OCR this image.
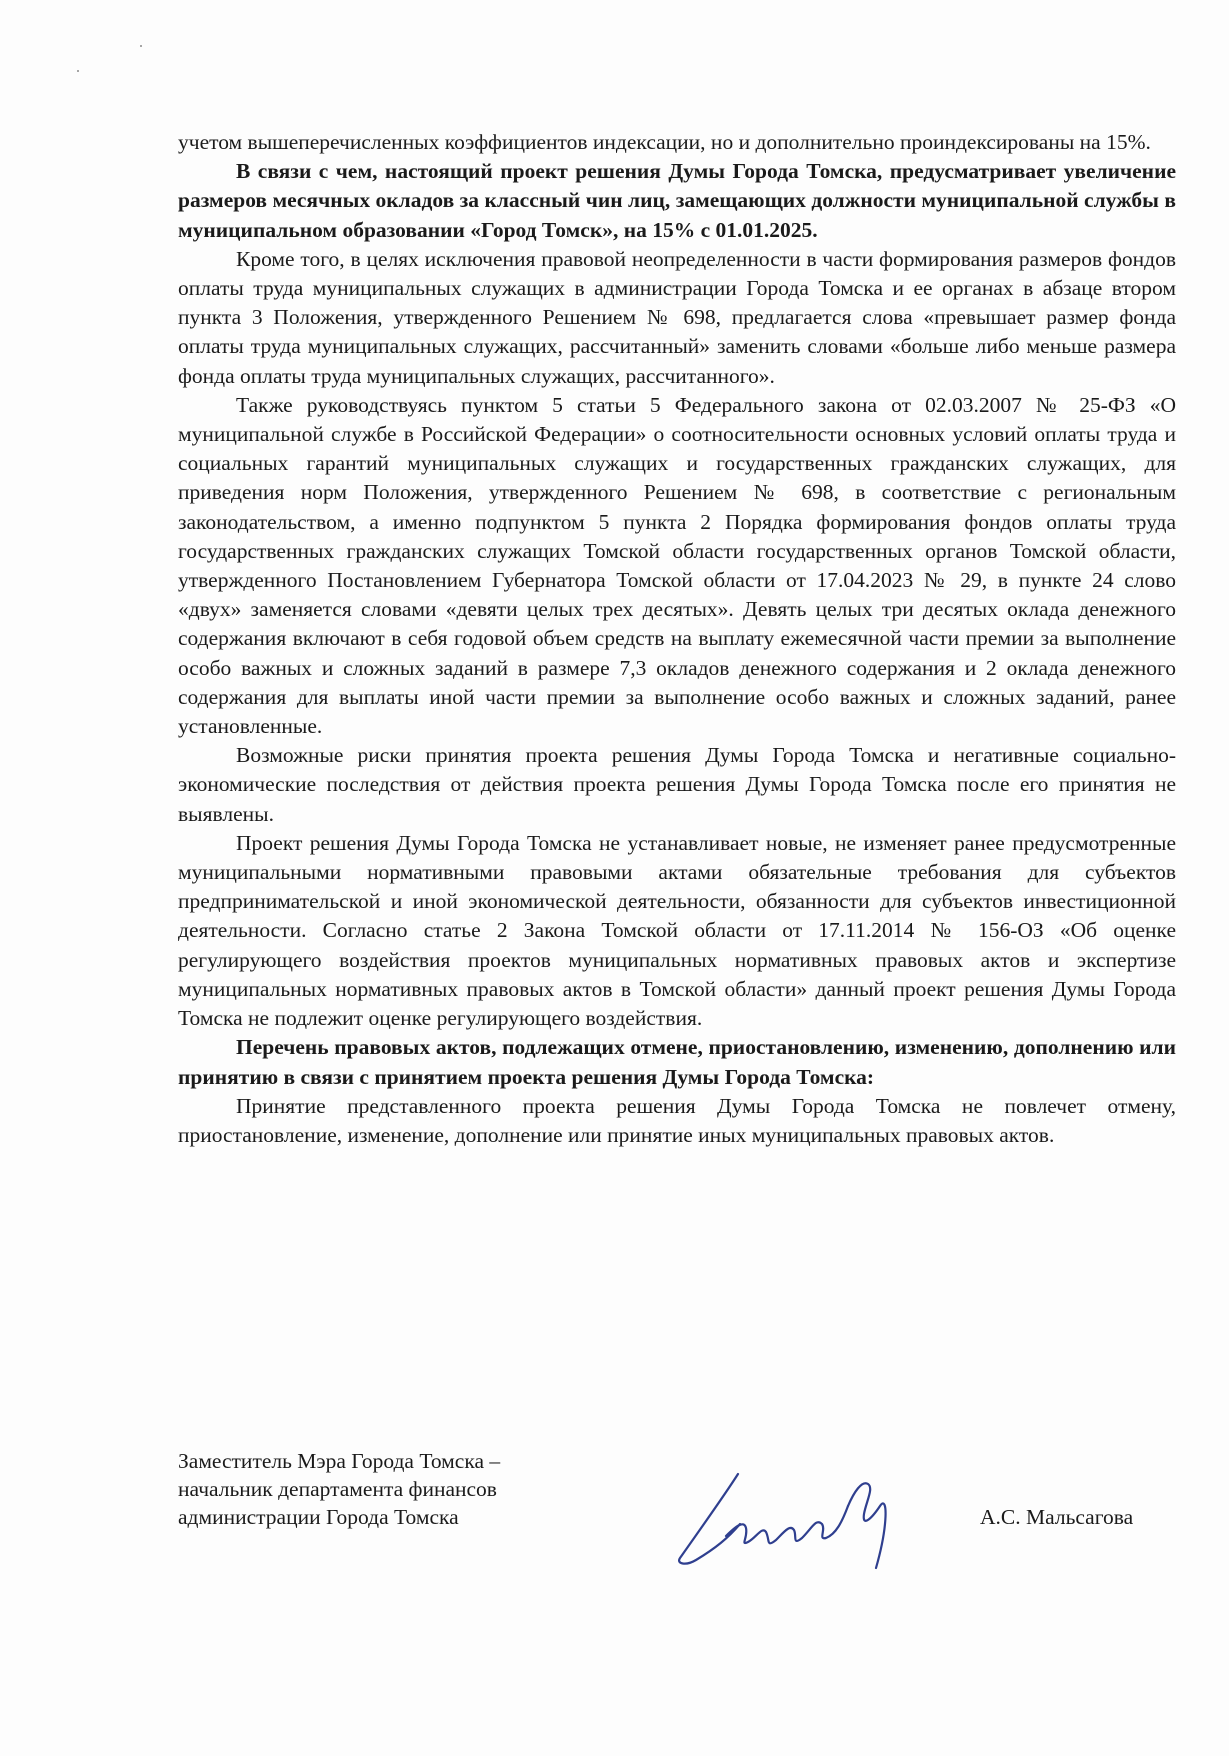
учетом вышеперечисленных коэффициентов индексации, но и дополнительно проиндексированы на 15%.

В связи с чем, настоящий проект решения Думы Города Томска, предусматривает увеличение размеров месячных окладов за классный чин лиц, замещающих должности муниципальной службы в муниципальном образовании «Город Томск», на 15% с 01.01.2025.

Кроме того, в целях исключения правовой неопределенности в части формирования размеров фондов оплаты труда муниципальных служащих в администрации Города Томска и ее органах в абзаце втором пункта 3 Положения, утвержденного Решением № 698, предлагается слова «превышает размер фонда оплаты труда муниципальных служащих, рассчитанный» заменить словами «больше либо меньше размера фонда оплаты труда муниципальных служащих, рассчитанного».

Также руководствуясь пунктом 5 статьи 5 Федерального закона от 02.03.2007 № 25-ФЗ «О муниципальной службе в Российской Федерации» о соотносительности основных условий оплаты труда и социальных гарантий муниципальных служащих и государственных гражданских служащих, для приведения норм Положения, утвержденного Решением № 698, в соответствие с региональным законодательством, а именно подпунктом 5 пункта 2 Порядка формирования фондов оплаты труда государственных гражданских служащих Томской области государственных органов Томской области, утвержденного Постановлением Губернатора Томской области от 17.04.2023 № 29, в пункте 24 слово «двух» заменяется словами «девяти целых трех десятых». Девять целых три десятых оклада денежного содержания включают в себя годовой объем средств на выплату ежемесячной части премии за выполнение особо важных и сложных заданий в размере 7,3 окладов денежного содержания и 2 оклада денежного содержания для выплаты иной части премии за выполнение особо важных и сложных заданий, ранее установленные.

Возможные риски принятия проекта решения Думы Города Томска и негативные социально-экономические последствия от действия проекта решения Думы Города Томска после его принятия не выявлены.

Проект решения Думы Города Томска не устанавливает новые, не изменяет ранее предусмотренные муниципальными нормативными правовыми актами обязательные требования для субъектов предпринимательской и иной экономической деятельности, обязанности для субъектов инвестиционной деятельности. Согласно статье 2 Закона Томской области от 17.11.2014 № 156-ОЗ «Об оценке регулирующего воздействия проектов муниципальных нормативных правовых актов и экспертизе муниципальных нормативных правовых актов в Томской области» данный проект решения Думы Города Томска не подлежит оценке регулирующего воздействия.

Перечень правовых актов, подлежащих отмене, приостановлению, изменению, дополнению или принятию в связи с принятием проекта решения Думы Города Томска:

Принятие представленного проекта решения Думы Города Томска не повлечет отмену, приостановление, изменение, дополнение или принятие иных муниципальных правовых актов.

Заместитель Мэра Города Томска –
начальник департамента финансов
администрации Города Томска	А.С. Мальсагова
